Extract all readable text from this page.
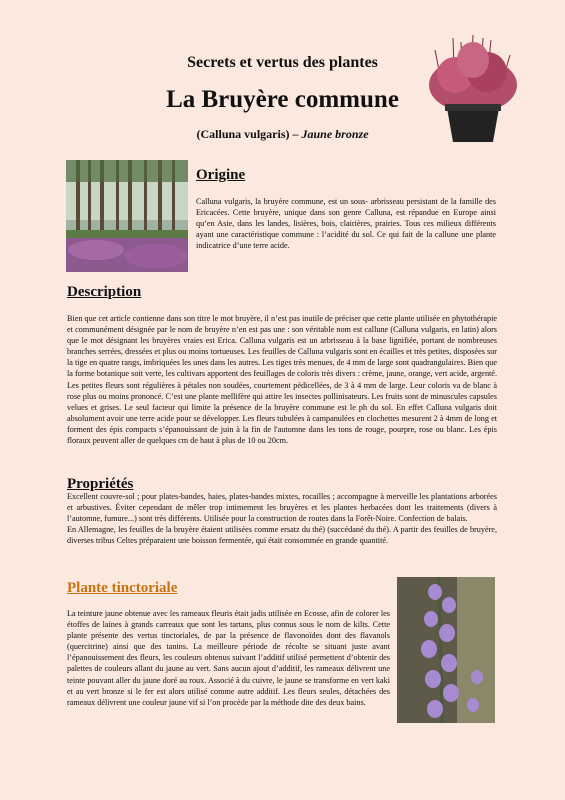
Secrets et vertus des plantes
La Bruyère commune
(Calluna vulgaris) – Jaune bronze
Origine

Calluna vulgaris, la bruyère commune, est un sous- arbrisseau persistant de la famille des Ericacées. Cette bruyère, unique dans son genre Calluna, est répandue en Europe ainsi qu’en Asie, dans les landes, lisières, bois, clairières, prairies. Tous ces milieux différents ayant une caractéristique commune : l’acidité du sol. Ce qui fait de la callune une plante indicatrice d’une terre acide.

Description

Bien que cet article contienne dans son titre le mot bruyère, il n’est pas inutile de préciser que cette plante utilisée en phytothérapie et communément désignée par le nom de bruyère n’en est pas une : son véritable nom est callune (Calluna vulgaris, en latin) alors que le mot désignant les bruyères vraies est Erica. Calluna vulgaris est un arbrisseau à la base lignifiée, portant de nombreuses branches serrées, dressées et plus ou moins tortueuses. Les feuilles de Calluna vulgaris sont en écailles et très petites, disposées sur la tige en quatre rangs, imbriquées les unes dans les autres. Les tiges très menues, de 4 mm de large sont quadrangulaires. Bien que la forme botanique soit verte, les cultivars apportent des feuillages de coloris très divers : crème, jaune, orange, vert acide, argenté. Les petites fleurs sont régulières à pétales non soudées, courtement pédicellées, de 3 à 4 mm de large. Leur coloris va de blanc à rose plus ou moins prononcé. C’est une plante mellifère qui attire les insectes pollinisateurs. Les fruits sont de minuscules capsules velues et grises. Le seul facteur qui limite la présence de la bruyère commune est le ph du sol. En effet Calluna vulgaris doit absolument avoir une terre acide pour se développer. Les fleurs tubulées à campanulées en clochettes mesurent 2 à 4mm de long et forment des épis compacts s’épanouissant de juin à la fin de l'automne dans les tons de rouge, pourpre, rose ou blanc. Les épis floraux peuvent aller de quelques cm de haut à plus de 10 ou 20cm.

Propriétés

Excellent couvre-sol ; pour plates-bandes, haies, plates-bandes mixtes, rocailles ; accompagne à merveille les plantations arborées et arbustives. Éviter cependant de mêler trop intimement les bruyères et les plantes herbacées dont les traitements (divers à l’automne, fumure...) sont très différents. Utilisée pour la construction de routes dans la Forêt-Noire. Confection de balais.

En Allemagne, les feuilles de la bruyère étaient utilisées comme ersatz du thé) (succédané du thé). A partir des feuilles de bruyère, diverses tribus Celtes préparaient une boisson fermentée, qui était consommée en grande quantité.

Plante tinctoriale

La teinture jaune obtenue avec les rameaux fleuris était jadis utilisée en Ecosse, afin de colorer les étoffes de laines à grands carreaux que sont les tartans, plus connus sous le nom de kilts. Cette plante présente des vertus tinctoriales, de par la présence de flavonoïdes dont des flavanols (quercitrine) ainsi que des tanins. La meilleure période de récolte se situant juste avant l’épanouissement des fleurs, les couleurs obtenus suivant l’additif utilisé permettent d’obtenir des palettes de couleurs allant du jaune au vert. Sans aucun ajout d’additif, les rameaux délivrent une teinte pouvant aller du jaune doré au roux. Associé à du cuivre, le jaune se transforme en vert kaki et au vert bronze si le fer est alors utilisé comme autre additif. Les fleurs seules, détachées des rameaux délivrent une couleur jaune vif si l’on procède par la méthode dite des deux bains.
